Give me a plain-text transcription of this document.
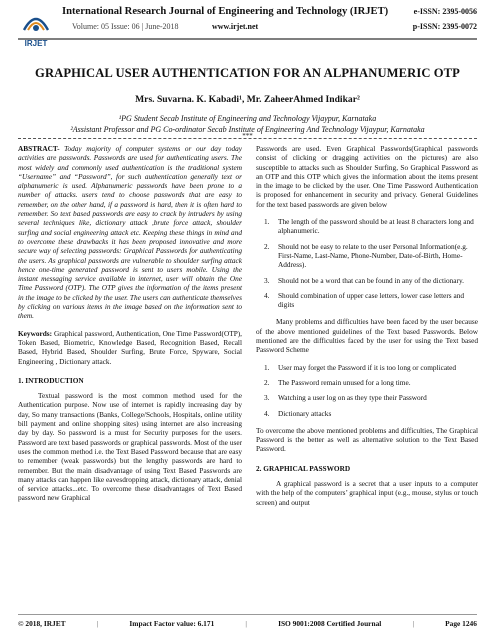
IRJET
International Research Journal of Engineering and Technology (IRJET)
Volume: 05 Issue: 06 | June-2018	www.irjet.net
e-ISSN: 2395-0056
p-ISSN: 2395-0072
GRAPHICAL USER AUTHENTICATION FOR AN ALPHANUMERIC OTP
Mrs. Suvarna. K. Kabadi¹, Mr. ZaheerAhmed Indikar²
¹PG Student Secab Institute of Engineering and Technology Vijaypur, Karnataka
²Assistant Professor and PG Co-ordinator Secab Institute of Engineering And Technology Vijaypur, Karnataka
***
ABSTRACT- Today majority of computer systems or our day today activities are passwords. Passwords are used for authenticating users. The most widely and commonly used authentication is the traditional system “Username” and “Password”, for such authentication generally text or alphanumeric is used. Alphanumeric passwords have been prone to a number of attacks. users tend to choose passwords that are easy to remember, on the other hand, if a password is hard, then it is often hard to remember. So text based passwords are easy to crack by intruders by using several techniques like, dictionary attack ,brute force attack, shoulder surfing and social engineering attack etc. Keeping these things in mind and to overcome these drawbacks it has been proposed innovative and more secure way of selecting passwords: Graphical Passwords for authenticating the users. As graphical passwords are vulnerable to shoulder surfing attack hence one-time generated password is sent to users mobile. Using the instant messaging service available in internet, user will obtain the One Time Password (OTP). The OTP gives the information of the items present in the image to be clicked by the user. The users can authenticate themselves by clicking on various items in the image based on the information sent to them.
Keywords: Graphical password, Authentication, One Time Password(OTP), Token Based, Biometric, Knowledge Based, Recognition Based, Recall Based, Hybrid Based, Shoulder Surfing, Brute Force, Spyware, Social Engineering , Dictionary attack.
1. INTRODUCTION

Textual password is the most common method used for the Authentication purpose. Now use of internet is rapidly increasing day by day, So many transactions (Banks, College/Schools, Hospitals, online utility bill payment and online shopping sites) using internet are also increasing day by day. So password is a must for Security purposes for the users. Password are text based passwords or graphical passwords. Most of the user uses the common method i.e. the Text Based Password because that are easy to remember (weak passwords) but the lengthy passwords are hard to remember. But the main disadvantage of using Text Based Passwords are many attacks can happen like eavesdropping attack, dictionary attack, denial of service attacks...etc. To overcome these disadvantages of Text Based password new Graphical

Passwords are used. Even Graphical Passwords(Graphical passwords consist of clicking or dragging activities on the pictures) are also susceptible to attacks such as Shoulder Surfing, So Graphical Password as an OTP and this OTP which gives the information about the items present in the image to be clicked by the user. One Time Password Authentication is proposed for enhancement in security and privacy. General Guidelines for the text based passwords are given below

1.	The length of the password should be at least 8 characters long and alphanumeric.
2.	Should not be easy to relate to the user Personal Information(e.g. First-Name, Last-Name, Phone-Number, Date-of-Birth, Home-Address).
3.	Should not be a word that can be found in any of the dictionary.
4.	Should combination of upper case letters, lower case letters and digits

Many problems and difficulties have been faced by the user because of the above mentioned guidelines of the Text based Passwords. Below mentioned are the difficulties faced by the user for using the Text based Password Scheme

1.	User may forget the Password if it is too long or complicated
2.	The Password remain unused for a long time.
3.	Watching a user log on as they type their Password
4.	Dictionary attacks

To overcome the above mentioned problems and difficulties, The Graphical Password is the better as well as alternative solution to the Text Based Password.

2. GRAPHICAL PASSWORD

A graphical password is a secret that a user inputs to a computer with the help of the computers’ graphical input (e.g., mouse, stylus or touch screen) and output

© 2018, IRJET	|	Impact Factor value: 6.171	|	ISO 9001:2008 Certified Journal	|	Page 1246
